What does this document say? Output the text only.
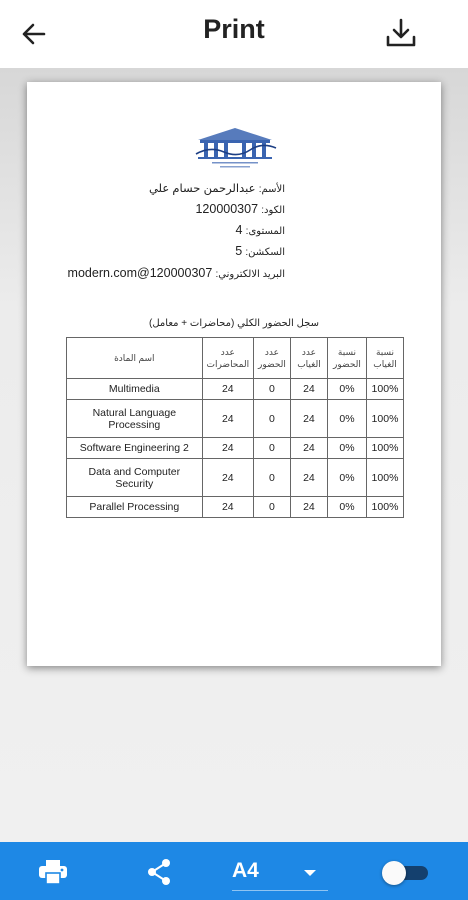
Print
الأسم: عبدالرحمن حسام علي
الكود: 120000307
المستوى: 4
السكشن: 5
البريد الالكتروني: 120000307@modern.com
سجل الحضور الكلي (محاضرات + معامل)
اسم المادة	عدد المحاضرات	عدد الحضور	عدد الغياب	نسبة الحضور	نسبة الغياب
Multimedia	24	0	24	0%	100%
Natural Language Processing	24	0	24	0%	100%
Software Engineering 2	24	0	24	0%	100%
Data and Computer Security	24	0	24	0%	100%
Parallel Processing	24	0	24	0%	100%
A4
